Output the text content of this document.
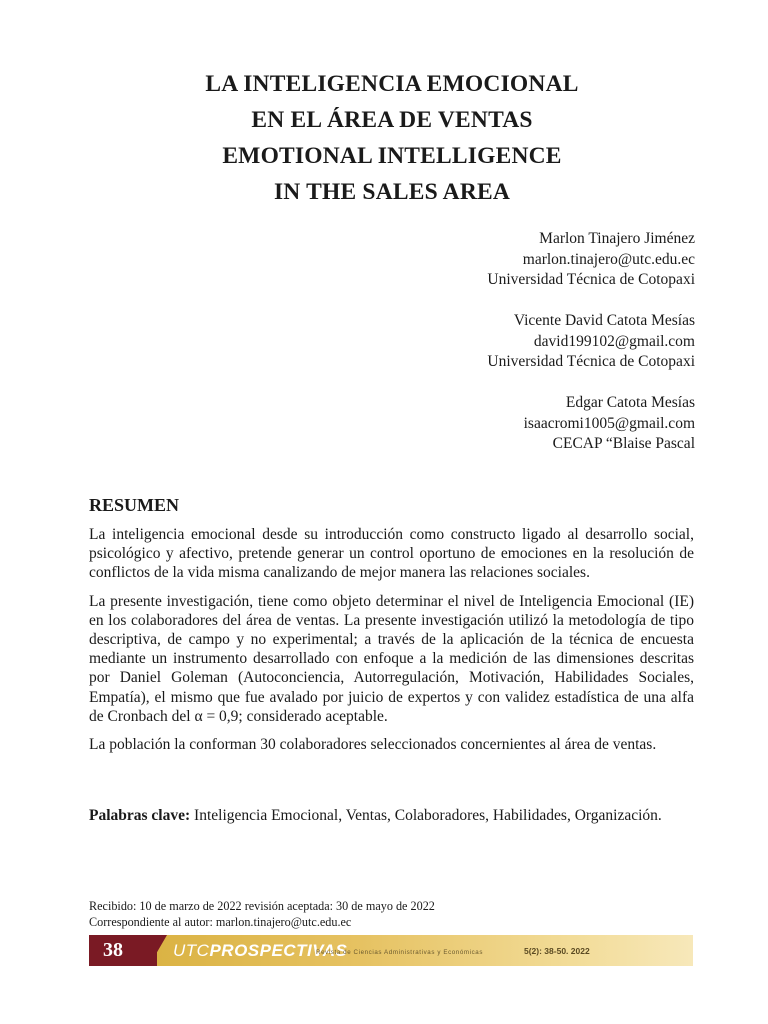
LA INTELIGENCIA EMOCIONAL
EN EL ÁREA DE VENTAS
EMOTIONAL INTELLIGENCE
IN THE SALES AREA
Marlon Tinajero Jiménez
marlon.tinajero@utc.edu.ec
Universidad Técnica de Cotopaxi
Vicente David Catota Mesías
david199102@gmail.com
Universidad Técnica de Cotopaxi
Edgar Catota Mesías
isaacromi1005@gmail.com
CECAP “Blaise Pascal
RESUMEN

La inteligencia emocional desde su introducción como constructo ligado al desarrollo social, psicológico y afectivo, pretende generar un control oportuno de emociones en la resolución de conflictos de la vida misma canalizando de mejor manera las relaciones sociales.

La presente investigación, tiene como objeto determinar el nivel de Inteligencia Emocional (IE) en los colaboradores del área de ventas. La presente investigación utilizó la metodología de tipo descriptiva, de campo y no experimental; a través de la aplicación de la técnica de encuesta mediante un instrumento desarrollado con enfoque a la medición de las dimensiones descritas por Daniel Goleman (Autoconciencia, Autorregulación, Motivación, Habilidades Sociales, Empatía), el mismo que fue avalado por juicio de expertos y con validez estadística de una alfa de Cronbach del α = 0,9; considerado aceptable.

La población la conforman 30 colaboradores seleccionados concernientes al área de ventas.

Palabras clave: Inteligencia Emocional, Ventas, Colaboradores, Habilidades, Organización.
Recibido: 10 de marzo de 2022 revisión aceptada: 30 de mayo de 2022
Correspondiente al autor: marlon.tinajero@utc.edu.ec
38	UTCPROSPECTIVAS
Revista de Ciencias Administrativas y Económicas	5(2): 38-50. 2022
